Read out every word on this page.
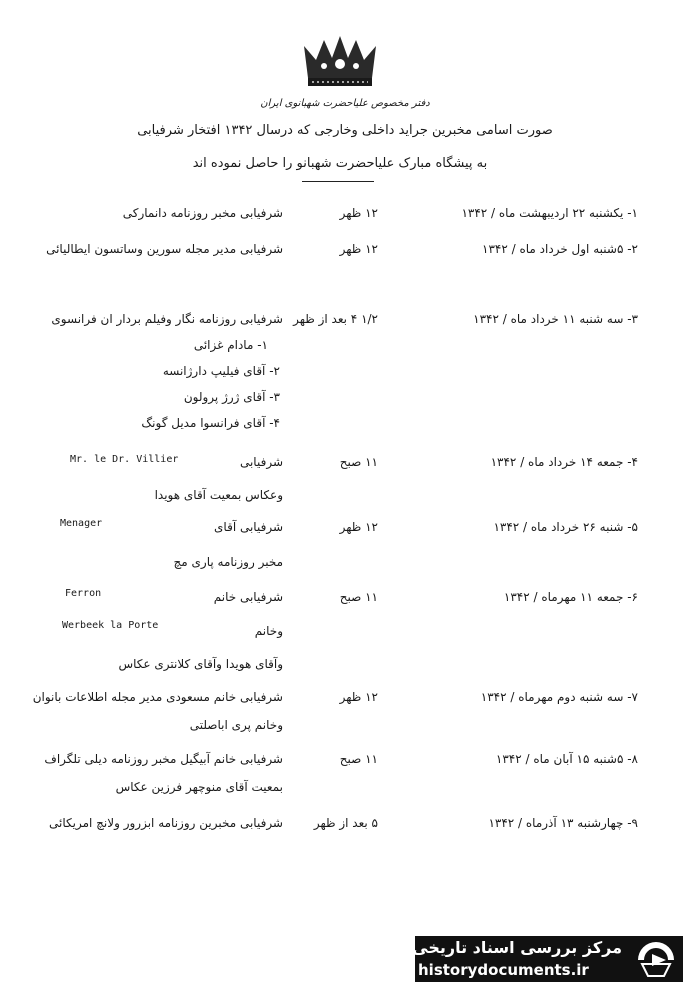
دفتر مخصوص علیاحضرت شهبانوی ایران
صورت اسامی مخبرین جراید داخلی وخارجی که درسال ۱۳۴۲ افتخار شرفیابی
به پیشگاه مبارک علیاحضرت شهبانو را حاصل نموده اند
۱- یکشنبه ۲۲ اردیبهشت ماه / ۱۳۴۲
۱۲ ظهر
شرفیابی مخبر روزنامه دانمارکی
۲- ۵شنبه اول خرداد ماه / ۱۳۴۲
۱۲ ظهر
شرفیابی مدیر مجله سورین وساتسون ایطالیائی
۳- سه شنبه ۱۱ خرداد ماه / ۱۳۴۲
۱/۲ ۴ بعد از ظهر
شرفیابی روزنامه نگار وفیلم بردار ان فرانسوی
۱- مادام غزائی
۲- آقای فیلیپ دارژانسه
۳- آقای ژرژ پرولون
۴- آقای فرانسوا مدیل گونگ
۴- جمعه ۱۴ خرداد ماه / ۱۳۴۲
۱۱ صبح
شرفیابی
Mr. le Dr. Villier
وعکاس بمعیت آقای هویدا
۵- شنبه ۲۶ خرداد ماه / ۱۳۴۲
۱۲ ظهر
شرفیابی آقای
Menager
مخبر روزنامه پاری مچ
۶- جمعه ۱۱ مهرماه / ۱۳۴۲
۱۱ صبح
شرفیابی خانم
Ferron
Werbeek la Porte	وخانم
وآقای هویدا وآقای کلانتری عکاس
۷- سه شنبه دوم مهرماه / ۱۳۴۲
۱۲ ظهر
شرفیابی خانم مسعودی مدیر مجله اطلاعات بانوان
وخانم پری اباصلتی
۸- ۵شنبه ۱۵ آبان ماه / ۱۳۴۲
۱۱ صبح
شرفیابی خانم آبیگیل مخبر روزنامه دیلی تلگراف
بمعیت آقای منوچهر فرزین عکاس
۹- چهارشنبه ۱۳ آذرماه / ۱۳۴۲
۵ بعد از ظهر
شرفیابی مخبرین روزنامه ابزرور ولانچ امریکائی
مرکز بررسی اسناد تاریخی
historydocuments.ir
